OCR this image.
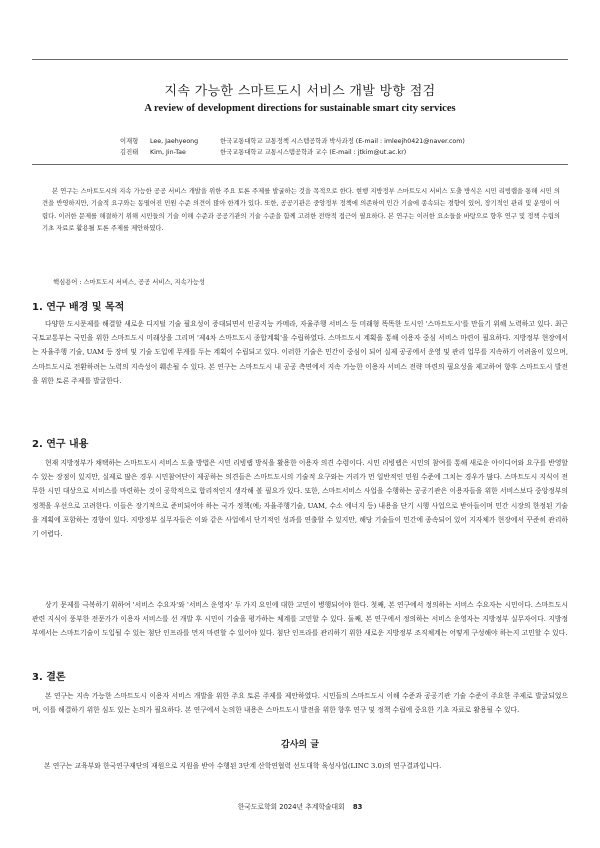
지속 가능한 스마트도시 서비스 개발 방향 점검
A review of development directions for sustainable smart city services
이재형	Lee, Jaehyeong	한국교통대학교 교통정책 시스템공학과 박사과정 (E-mail : imleejh0421@naver.com)
김진태	Kim, Jin-Tae	한국교통대학교 교통시스템공학과 교수 (E-mail : jtkim@ut.ac.kr)

본 연구는 스마트도시의 지속 가능한 공공 서비스 개발을 위한 주요 토론 주제를 발굴하는 것을 목적으로 한다. 현행 지방정부 스마트도시 서비스 도출 방식은 시민 리빙랩을 통해 시민 의견을 반영하지만, 기술적 요구와는 동떨어진 민원 수준 의견이 많아 한계가 있다. 또한, 공공기관은 중앙정부 정책에 의존하여 민간 기술에 종속되는 경향이 있어, 장기적인 관리 및 운영이 어렵다. 이러한 문제를 해결하기 위해 시민들의 기술 이해 수준과 공공기관의 기술 수준을 함께 고려한 전략적 접근이 필요하다. 본 연구는 이러한 요소들을 바탕으로 향후 연구 및 정책 수립의 기초 자료로 활용될 토론 주제를 제안하였다.

핵심용어 : 스마트도시 서비스, 공공 서비스, 지속가능성
1. 연구 배경 및 목적

다양한 도시문제를 해결할 새로운 디지털 기술 필요성이 증대되면서 인공지능 카메라, 자율주행 서비스 등 미래형 똑똑한 도시인 '스마트도시'를 만들기 위해 노력하고 있다. 최근 국토교통부는 국민을 위한 스마트도시 미래상을 그리며 '제4차 스마트도시 종합계획'을 수립하였다. 스마트도시 계획을 통해 이용자 중심 서비스 마련이 필요하다. 지방정부 현장에서는 자율주행 기술, UAM 등 장비 및 기술 도입에 무게를 두는 계획이 수립되고 있다. 이러한 기술은 민간이 중심이 되어 실제 공공에서 운영 및 관리 업무를 지속하기 어려움이 있으며, 스마트도시로 전환하려는 노력의 지속성이 훼손될 수 있다. 본 연구는 스마트도시 내 공공 측면에서 지속 가능한 이용자 서비스 전략 마련의 필요성을 제고하여 향후 스마트도시 발전을 위한 토론 주제를 발굴한다.

2. 연구 내용

현재 지방정부가 채택하는 스마트도시 서비스 도출 방법은 시민 리빙랩 방식을 활용한 이용자 의견 수렴이다. 시민 리빙랩은 시민의 참여를 통해 새로운 아이디어와 요구를 반영할 수 있는 장점이 있지만, 실제로 많은 경우 시민참여단이 제공하는 의견들은 스마트도시의 기술적 요구와는 거리가 먼 일반적인 민원 수준에 그치는 경우가 많다. 스마트도시 지식이 전무한 시민 대상으로 서비스를 마련하는 것이 공학적으로 합리적인지 생각해 볼 필요가 있다. 또한, 스마트서비스 사업을 수행하는 공공기관은 이용자들을 위한 서비스보다 중앙정부의 정책을 우선으로 고려한다. 이들은 장기적으로 준비되어야 하는 국가 정책(예; 자율주행기술, UAM, 수소 에너지 등) 내용을 단기 시행 사업으로 받아들이며 민간 시장의 한정된 기술을 계획에 포함하는 경향이 있다. 지방정부 실무자들은 이와 같은 사업에서 단기적인 성과를 연출할 수 있지만, 해당 기술들이 민간에 종속되어 있어 지자체가 현장에서 꾸준히 관리하기 어렵다.

상기 문제를 극복하기 위하여 '서비스 수요자'와 '서비스 운영자' 두 가지 요인에 대한 고민이 병행되어야 한다. 첫째, 본 연구에서 정의하는 서비스 수요자는 시민이다. 스마트도시 관련 지식이 풍부한 전문가가 이용자 서비스를 선 개발 후 시민이 기술을 평가하는 체계를 고민할 수 있다. 둘째, 본 연구에서 정의하는 서비스 운영자는 지방정부 실무자이다. 지방정부에서는 스마트기술이 도입될 수 있는 첨단 인프라를 먼저 마련할 수 있어야 있다. 첨단 인프라를 관리하기 위한 새로운 지방정부 조직체계는 어떻게 구성해야 하는지 고민할 수 있다.

3. 결론

본 연구는 지속 가능한 스마트도시 이용자 서비스 개발을 위한 주요 토론 주제를 제안하였다. 시민들의 스마트도시 이해 수준과 공공기관 기술 수준이 주요한 주제로 발굴되었으며, 이를 해결하기 위한 심도 있는 논의가 필요하다. 본 연구에서 논의한 내용은 스마트도시 발전을 위한 향후 연구 및 정책 수립에 중요한 기초 자료로 활용될 수 있다.

감사의 글
본 연구는 교육부와 한국연구재단의 재원으로 지원을 받아 수행된 3단계 산학연협력 선도대학 육성사업(LINC 3.0)의 연구결과입니다.
한국도로학회 2024년 추계학술대회 83
